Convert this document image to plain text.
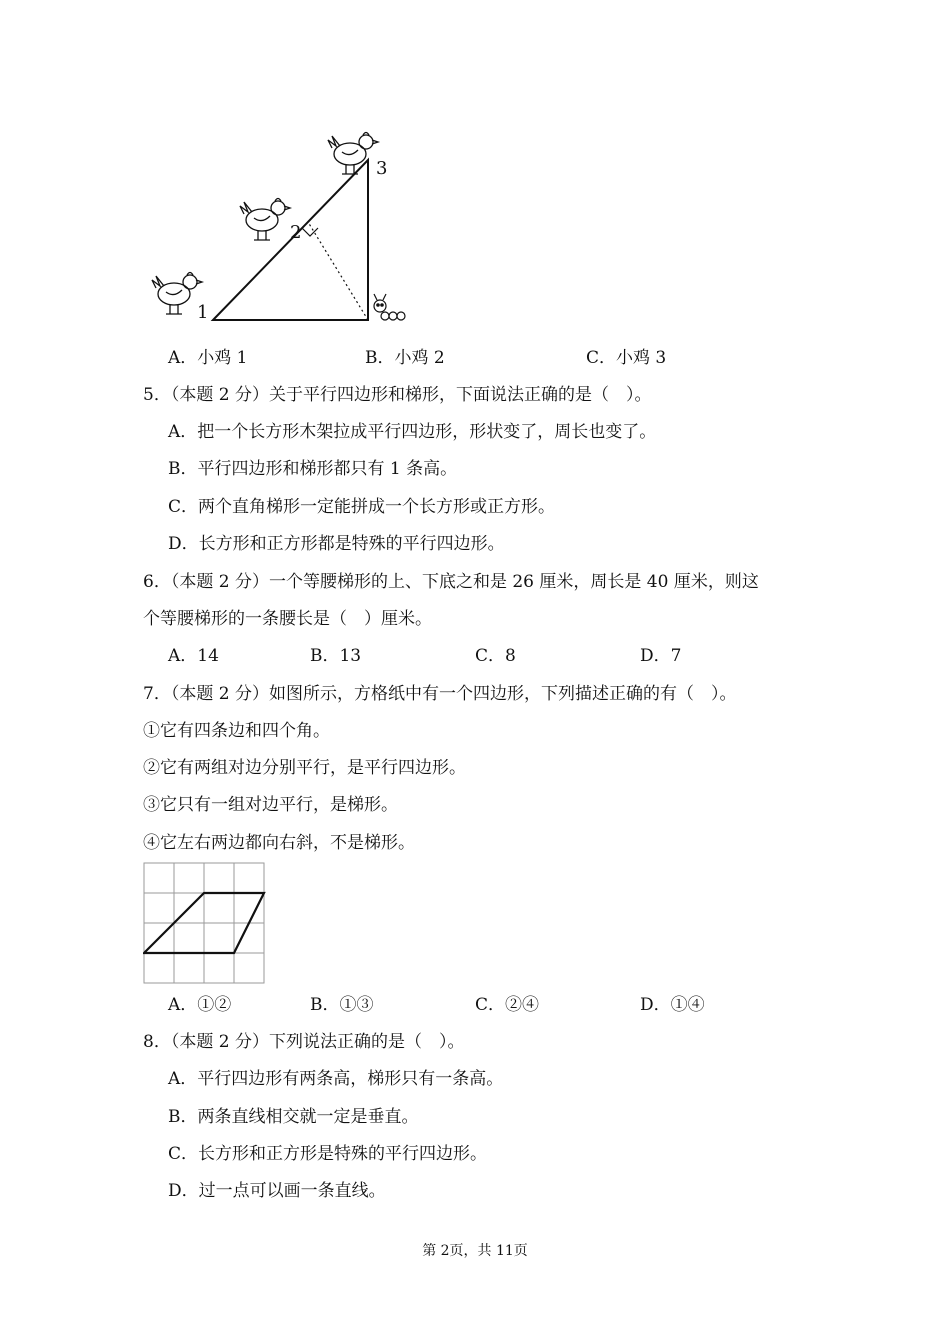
1
2
3
A．小鸡 1	B．小鸡 2	C．小鸡 3
5．（本题 2 分）关于平行四边形和梯形，下面说法正确的是（　）。
A．把一个长方形木架拉成平行四边形，形状变了，周长也变了。
B．平行四边形和梯形都只有 1 条高。
C．两个直角梯形一定能拼成一个长方形或正方形。
D．长方形和正方形都是特殊的平行四边形。
6．（本题 2 分）一个等腰梯形的上、下底之和是 26 厘米，周长是 40 厘米，则这
个等腰梯形的一条腰长是（　）厘米。
A．14	B．13	C．8	D．7
7．（本题 2 分）如图所示，方格纸中有一个四边形，下列描述正确的有（　）。
①它有四条边和四个角。
②它有两组对边分别平行，是平行四边形。
③它只有一组对边平行，是梯形。
④它左右两边都向右斜，不是梯形。
A．①②	B．①③	C．②④	D．①④
8．（本题 2 分）下列说法正确的是（　）。
A．平行四边形有两条高，梯形只有一条高。
B．两条直线相交就一定是垂直。
C．长方形和正方形是特殊的平行四边形。
D．过一点可以画一条直线。
第 2页，共 11页
